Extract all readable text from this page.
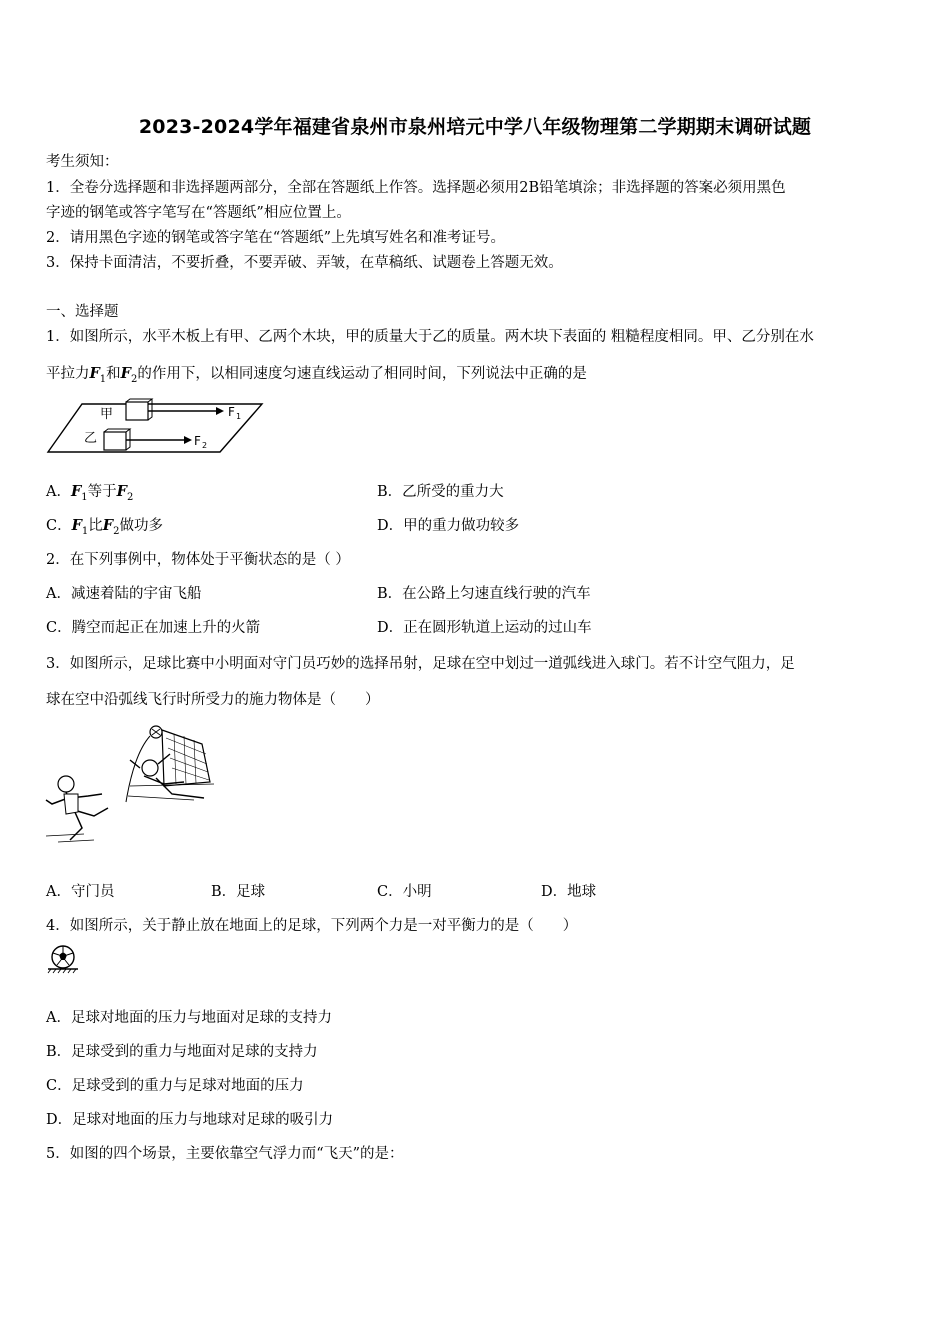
2023-2024学年福建省泉州市泉州培元中学八年级物理第二学期期末调研试题
考生须知：
1．全卷分选择题和非选择题两部分，全部在答题纸上作答。选择题必须用2B铅笔填涂；非选择题的答案必须用黑色
字迹的钢笔或答字笔写在“答题纸”相应位置上。
2．请用黑色字迹的钢笔或答字笔在“答题纸”上先填写姓名和准考证号。
3．保持卡面清洁，不要折叠，不要弄破、弄皱，在草稿纸、试题卷上答题无效。
一、选择题
1．如图所示，水平木板上有甲、乙两个木块，甲的质量大于乙的质量。两木块下表面的 粗糙程度相同。甲、乙分别在水
平拉力$F_1$和$F_2$的作用下，以相同速度匀速直线运动了相同时间，下列说法中正确的是
甲	F 1
乙	F 2
A．$F_1$等于$F_2$	B．乙所受的重力大
C．$F_1$比$F_2$做功多	D．甲的重力做功较多
2．在下列事例中，物体处于平衡状态的是（ ）
A．减速着陆的宇宙飞船	B．在公路上匀速直线行驶的汽车
C．腾空而起正在加速上升的火箭	D．正在圆形轨道上运动的过山车
3．如图所示，足球比赛中小明面对守门员巧妙的选择吊射，足球在空中划过一道弧线进入球门。若不计空气阻力，足
球在空中沿弧线飞行时所受力的施力物体是（　　）
A．守门员	B．足球	C．小明	D．地球
4．如图所示，关于静止放在地面上的足球，下列两个力是一对平衡力的是（　　）
A．足球对地面的压力与地面对足球的支持力
B．足球受到的重力与地面对足球的支持力
C．足球受到的重力与足球对地面的压力
D．足球对地面的压力与地球对足球的吸引力
5．如图的四个场景，主要依靠空气浮力而“飞天”的是：
